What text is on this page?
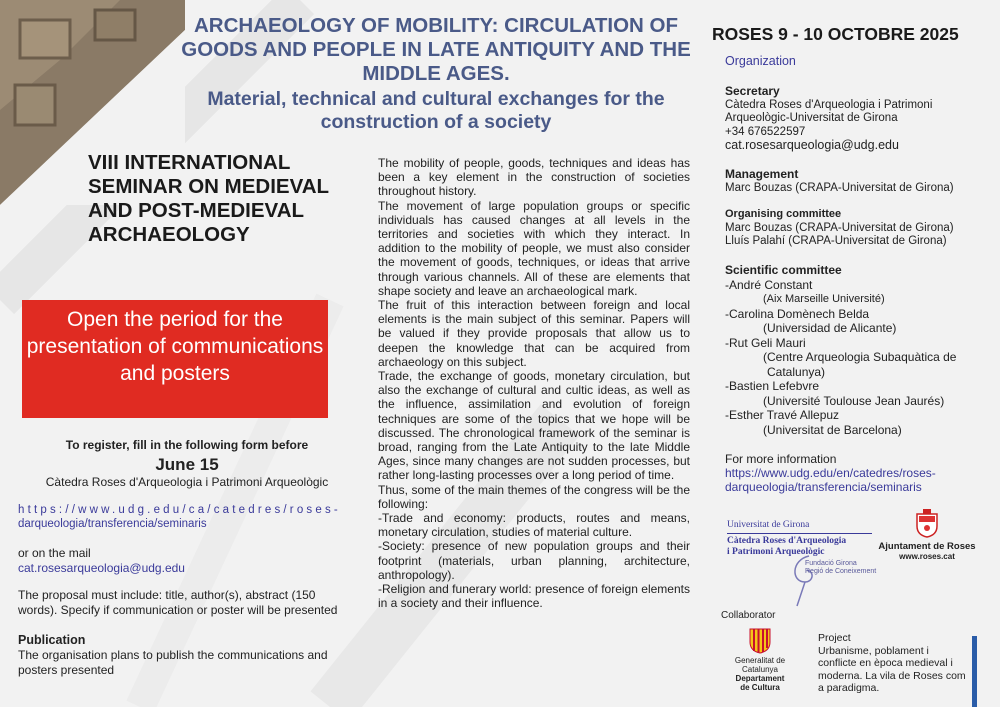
ARCHAEOLOGY OF MOBILITY: CIRCULATION OF GOODS AND PEOPLE IN LATE ANTIQUITY AND THE MIDDLE AGES.
Material, technical and cultural exchanges for the construction of a society
VIII INTERNATIONAL SEMINAR ON MEDIEVAL AND POST-MEDIEVAL ARCHAEOLOGY
Open the period for the presentation of communications and posters
To register, fill in the following form before
June 15
Càtedra Roses d'Arqueologia i Patrimoni Arqueològic
https://www.udg.edu/ca/catedres/roses-
darqueologia/transferencia/seminaris
or on the mail
cat.rosesarqueologia@udg.edu
The proposal must include: title, author(s), abstract (150 words). Specify if communication or poster will be presented
Publication
The organisation plans to publish the communications and posters presented

The mobility of people, goods, techniques and ideas has been a key element in the construction of societies throughout history.

The movement of large population groups or specific individuals has caused changes at all levels in the territories and societies with which they interact. In addition to the mobility of people, we must also consider the movement of goods, techniques, or ideas that arrive through various channels. All of these are elements that shape society and leave an archaeological mark.

The fruit of this interaction between foreign and local elements is the main subject of this seminar. Papers will be valued if they provide proposals that allow us to deepen the knowledge that can be acquired from archaeology on this subject.

Trade, the exchange of goods, monetary circulation, but also the exchange of cultural and cultic ideas, as well as the influence, assimilation and evolution of foreign techniques are some of the topics that we hope will be discussed. The chronological framework of the seminar is broad, ranging from the Late Antiquity to the late Middle Ages, since many changes are not sudden processes, but rather long-lasting processes over a long period of time.

Thus, some of the main themes of the congress will be the following:

-Trade and economy: products, routes and means, monetary circulation, studies of material culture.

-Society: presence of new population groups and their footprint (materials, urban planning, architecture, anthropology).

-Religion and funerary world: presence of foreign elements in a society and their influence.

ROSES 9 - 10 OCTOBRE 2025
Organization
Secretary
Càtedra Roses d'Arqueologia i Patrimoni
Arqueològic-Universitat de Girona
+34 676522597
cat.rosesarqueologia@udg.edu
Management
Marc Bouzas (CRAPA-Universitat de Girona)
Organising committee
Marc Bouzas (CRAPA-Universitat de Girona)
Lluís Palahí (CRAPA-Universitat de Girona)
Scientific committee
-André Constant
(Aix Marseille Université)
-Carolina Domènech Belda
(Universidad de Alicante)
-Rut Geli Mauri
(Centre Arqueologia Subaquàtica de
Catalunya)
-Bastien Lefebvre
(Université Toulouse Jean Jaurés)
-Esther Travé Allepuz
(Universitat de Barcelona)
For more information
https://www.udg.edu/en/catedres/roses-
darqueologia/transferencia/seminaris
Universitat de Girona
Càtedra Roses d'Arqueologia
i Patrimoni Arqueològic
Fundació Girona
Regió de Coneixement
Ajuntament de Roses
www.roses.cat
Collaborator
Generalitat de Catalunya
Departament
de Cultura
Project
Urbanisme, poblament i conflicte en època medieval i moderna. La vila de Roses com a paradigma.
